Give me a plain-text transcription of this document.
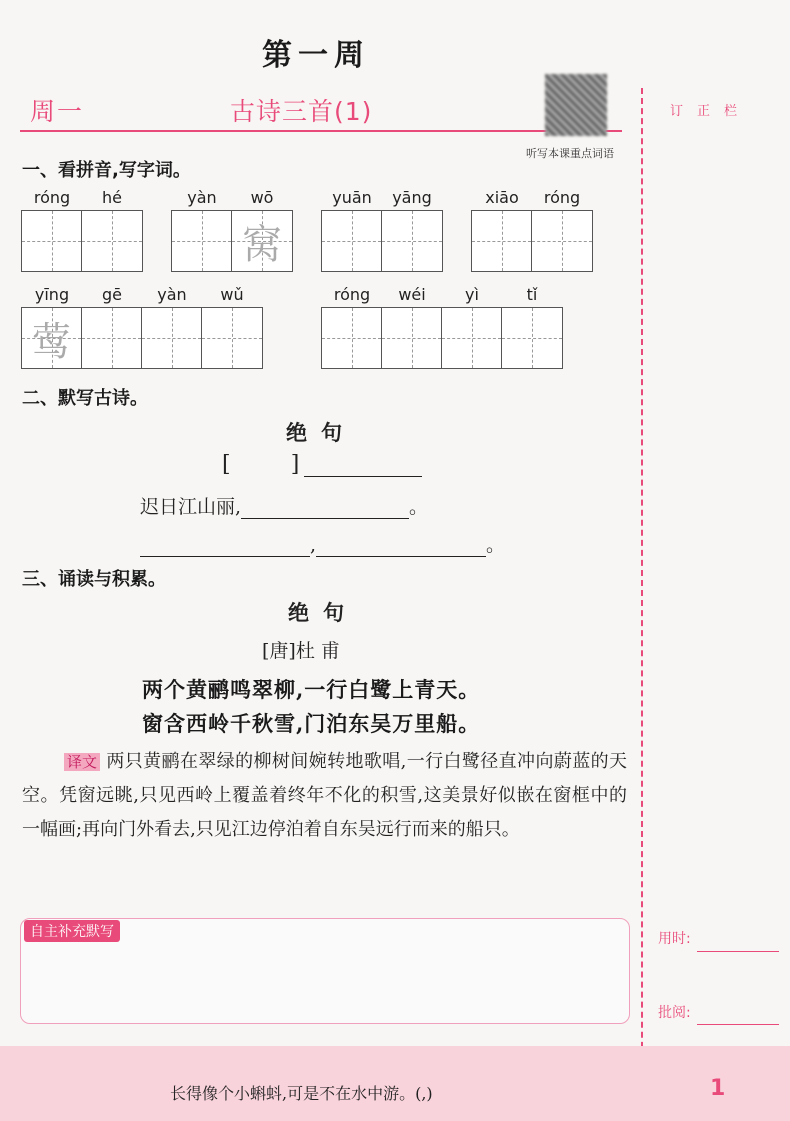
第一周
周一	古诗三首(1)
听写本课重点词语
订正栏
一、看拼音,写字词。
róng	hé	yàn	wō	yuān	yāng	xiāo	róng
窝
yīng	gē	yàn	wǔ	róng	wéi	yì	tǐ
莺
二、默写古诗。
绝句
[	]
迟日江山丽,	。
,	。
三、诵读与积累。
绝句
[唐]杜 甫
两个黄鹂鸣翠柳,一行白鹭上青天。
窗含西岭千秋雪,门泊东吴万里船。
译文 两只黄鹂在翠绿的柳树间婉转地歌唱,一行白鹭径直冲向蔚蓝的天空。凭窗远眺,只见西岭上覆盖着终年不化的积雪,这美景好似嵌在窗框中的一幅画;再向门外看去,只见江边停泊着自东吴远行而来的船只。
自主补充默写	用时:
批阅:
长得像个小蝌蚪,可是不在水中游。(,)	1
